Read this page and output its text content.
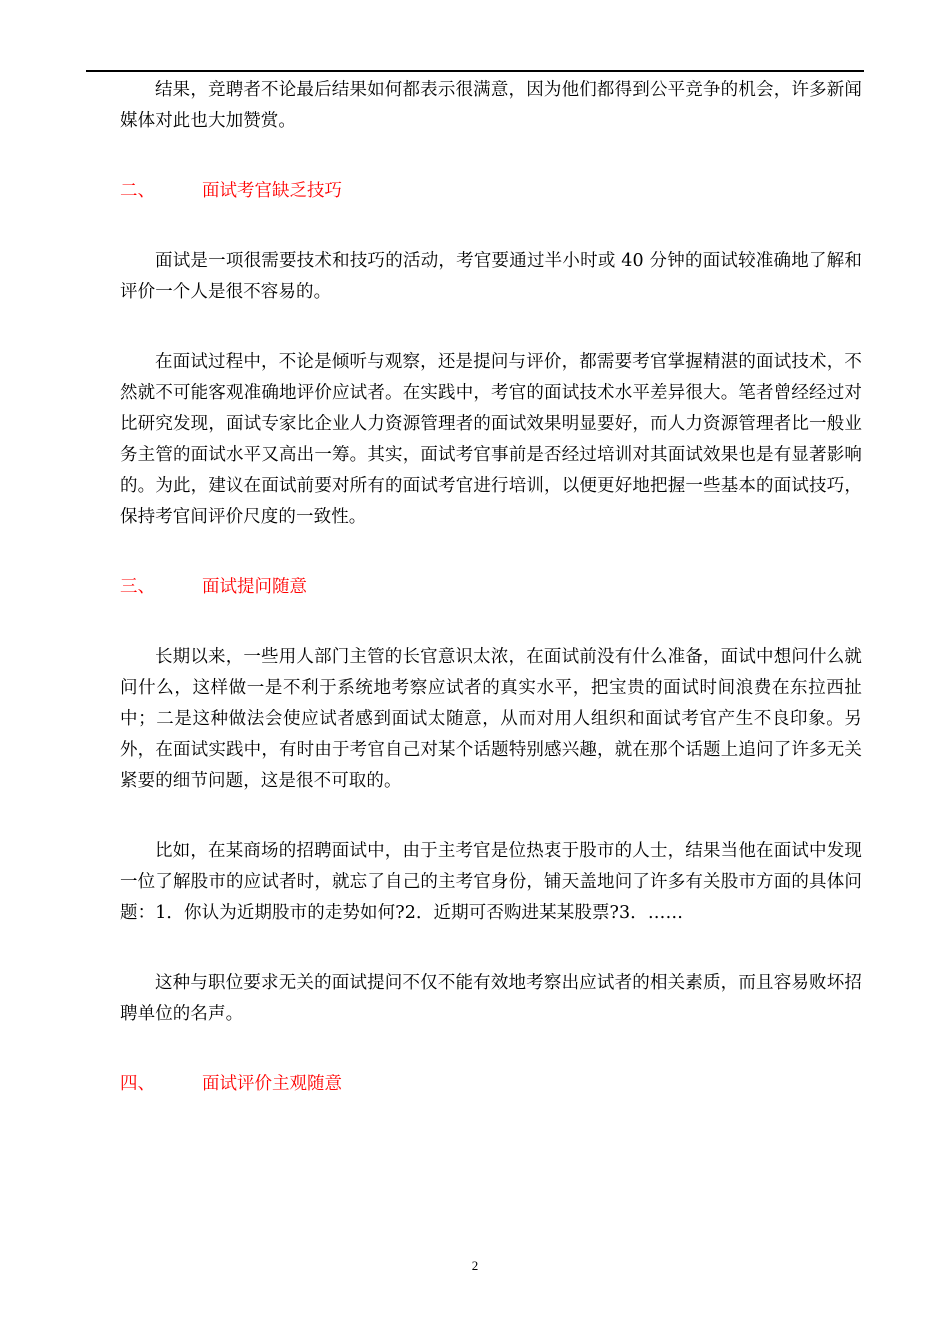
结果，竞聘者不论最后结果如何都表示很满意，因为他们都得到公平竞争的机会，许多新闻媒体对此也大加赞赏。

二、	面试考官缺乏技巧

面试是一项很需要技术和技巧的活动，考官要通过半小时或 40 分钟的面试较准确地了解和评价一个人是很不容易的。

在面试过程中，不论是倾听与观察，还是提问与评价，都需要考官掌握精湛的面试技术，不然就不可能客观准确地评价应试者。在实践中，考官的面试技术水平差异很大。笔者曾经经过对比研究发现，面试专家比企业人力资源管理者的面试效果明显要好，而人力资源管理者比一般业务主管的面试水平又高出一筹。其实，面试考官事前是否经过培训对其面试效果也是有显著影响的。为此，建议在面试前要对所有的面试考官进行培训，以便更好地把握一些基本的面试技巧，保持考官间评价尺度的一致性。

三、	面试提问随意

长期以来，一些用人部门主管的长官意识太浓，在面试前没有什么准备，面试中想问什么就问什么，这样做一是不利于系统地考察应试者的真实水平，把宝贵的面试时间浪费在东拉西扯中；二是这种做法会使应试者感到面试太随意，从而对用人组织和面试考官产生不良印象。另外，在面试实践中，有时由于考官自己对某个话题特别感兴趣，就在那个话题上追问了许多无关紧要的细节问题，这是很不可取的。

比如，在某商场的招聘面试中，由于主考官是位热衷于股市的人士，结果当他在面试中发现一位了解股市的应试者时，就忘了自己的主考官身份，铺天盖地问了许多有关股市方面的具体问题：1．你认为近期股市的走势如何?2．近期可否购进某某股票?3．……

这种与职位要求无关的面试提问不仅不能有效地考察出应试者的相关素质，而且容易败坏招聘单位的名声。

四、	面试评价主观随意
2
